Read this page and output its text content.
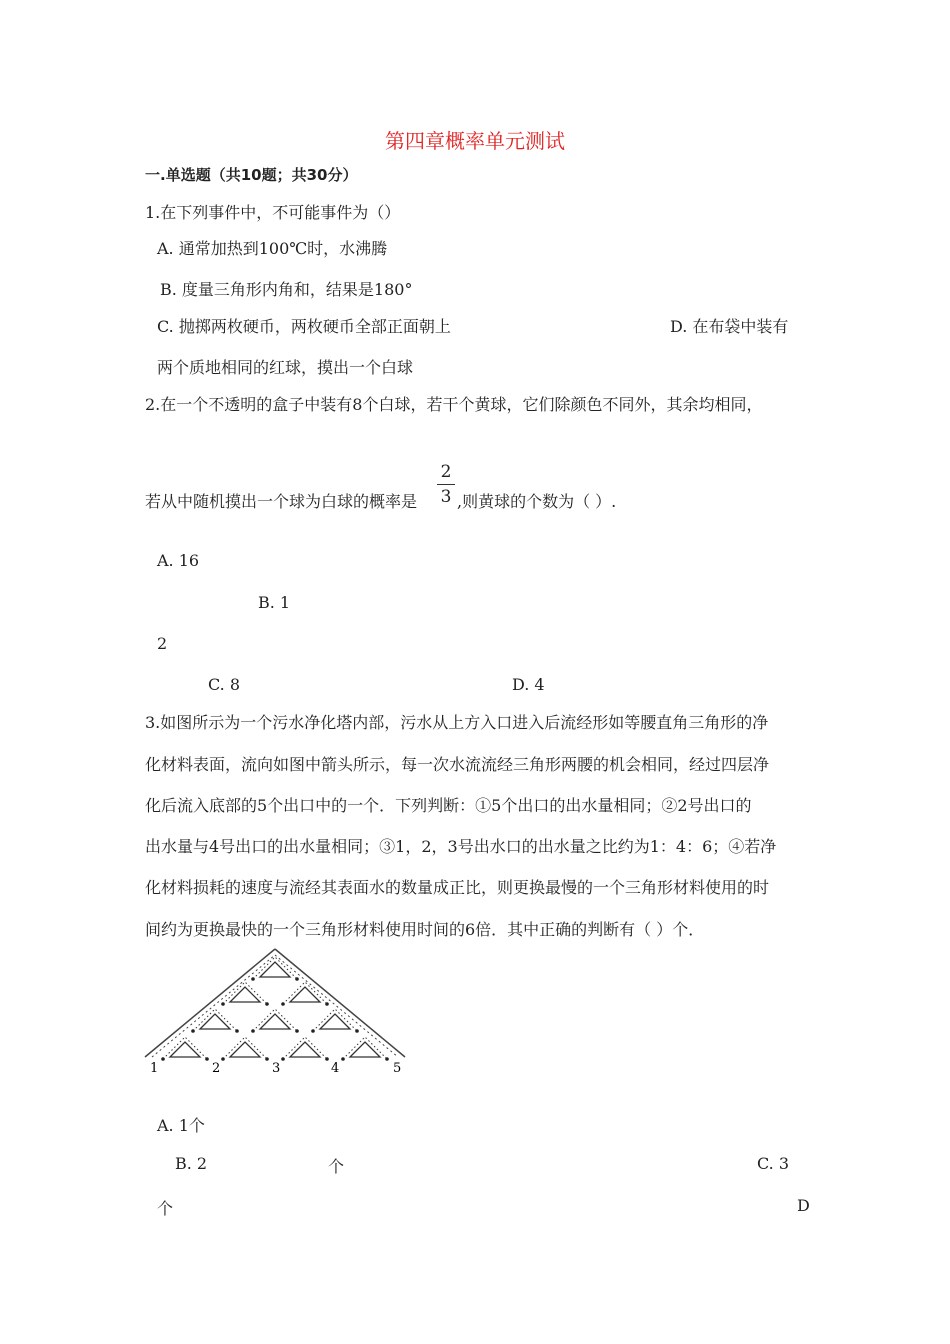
第四章概率单元测试
一.单选题（共10题；共30分）
1.在下列事件中，不可能事件为（）
A. 通常加热到100℃时，水沸腾
B. 度量三角形内角和，结果是180°
C. 抛掷两枚硬币，两枚硬币全部正面朝上	D. 在布袋中装有
两个质地相同的红球，摸出一个白球
2.在一个不透明的盒子中装有8个白球，若干个黄球，它们除颜色不同外，其余均相同，
若从中随机摸出一个球为白球的概率是
2
3 ,则黄球的个数为（ ）.
A. 16
B. 1
2
C. 8	D. 4
3.如图所示为一个污水净化塔内部，污水从上方入口进入后流经形如等腰直角三角形的净
化材料表面，流向如图中箭头所示，每一次水流流经三角形两腰的机会相同，经过四层净
化后流入底部的5个出口中的一个．下列判断：①5个出口的出水量相同；②2号出口的
出水量与4号出口的出水量相同；③1，2，3号出水口的出水量之比约为1：4：6；④若净
化材料损耗的速度与流经其表面水的数量成正比，则更换最慢的一个三角形材料使用的时
间约为更换最快的一个三角形材料使用时间的6倍．其中正确的判断有（ ）个．
1	2	3	4	5
A. 1个
B. 2	个	C. 3
个	D
